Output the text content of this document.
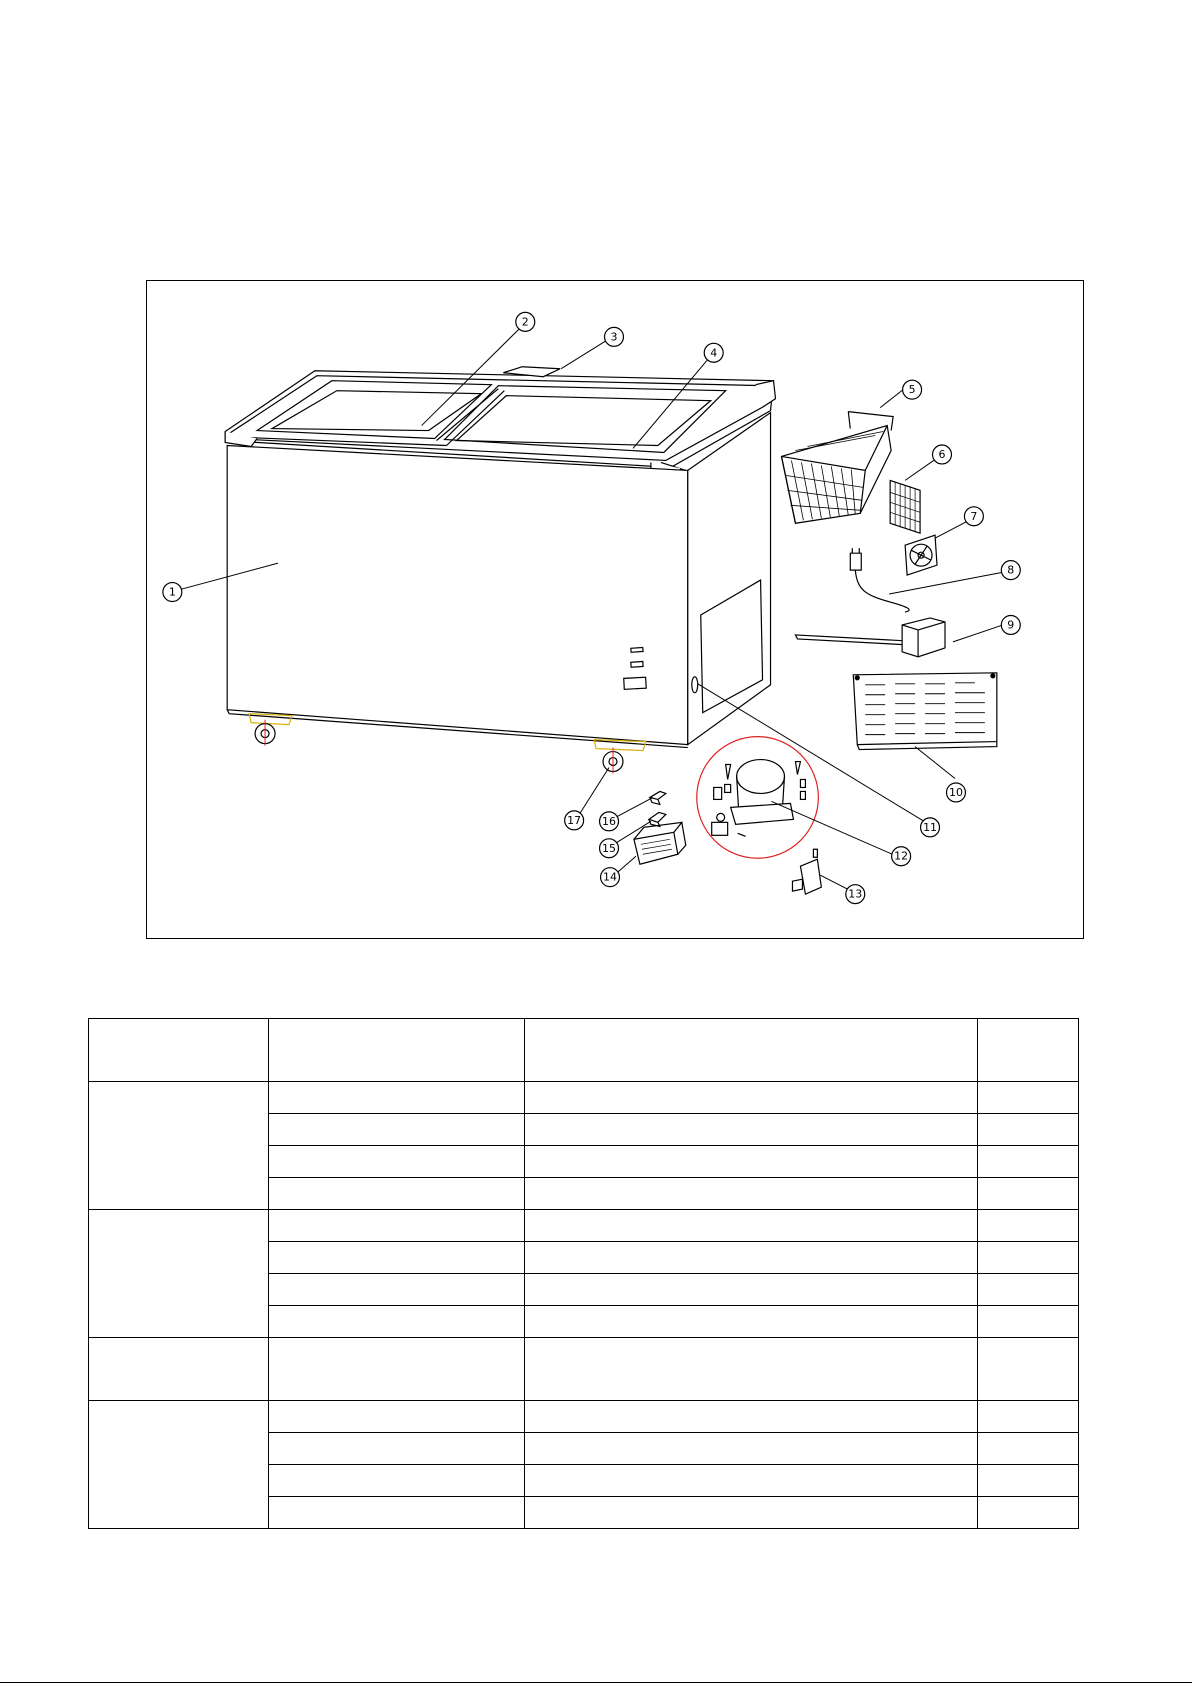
1
2
3
4
5
6
7
8
9
10
11
12
13
14
15
16
17
